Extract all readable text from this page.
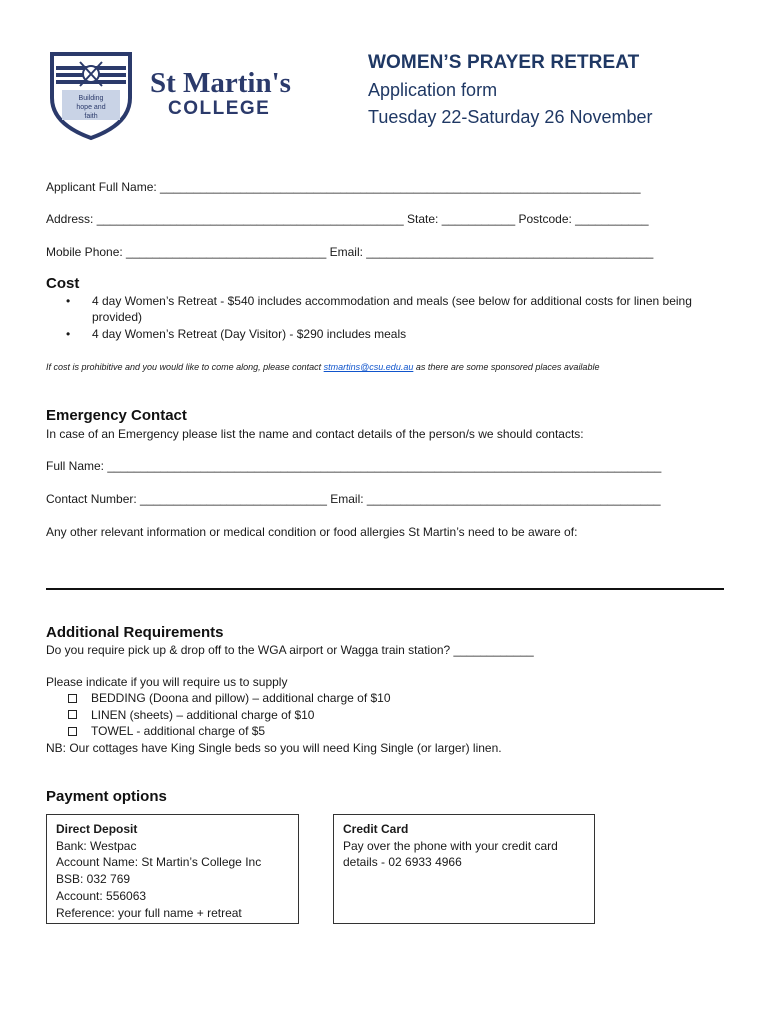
Building
hope and
faith
St Martin's
COLLEGE
WOMEN’S PRAYER RETREAT
Application form
Tuesday 22-Saturday 26 November
Applicant Full Name: ________________________________________________________________________
Address: ______________________________________________ State: ___________ Postcode: ___________
Mobile Phone: ______________________________ Email: ___________________________________________
Cost
• 4 day Women’s Retreat - $540 includes accommodation and meals (see below for additional costs for linen being provided)
• 4 day Women’s Retreat (Day Visitor) - $290 includes meals
If cost is prohibitive and you would like to come along, please contact stmartins@csu.edu.au as there are some sponsored places available
Emergency Contact
In case of an Emergency please list the name and contact details of the person/s we should contacts:
Full Name: ___________________________________________________________________________________
Contact Number: ____________________________ Email: ____________________________________________
Any other relevant information or medical condition or food allergies St Martin’s need to be aware of:
Additional Requirements
Do you require pick up & drop off to the WGA airport or Wagga train station? ____________
Please indicate if you will require us to supply
BEDDING (Doona and pillow) – additional charge of $10
LINEN (sheets) – additional charge of $10
TOWEL - additional charge of $5
NB: Our cottages have King Single beds so you will need King Single (or larger) linen.
Payment options
Direct Deposit
Bank: Westpac
Account Name: St Martin’s College Inc
BSB: 032 769
Account: 556063
Reference: your full name + retreat
Credit Card
Pay over the phone with your credit card
details - 02 6933 4966
